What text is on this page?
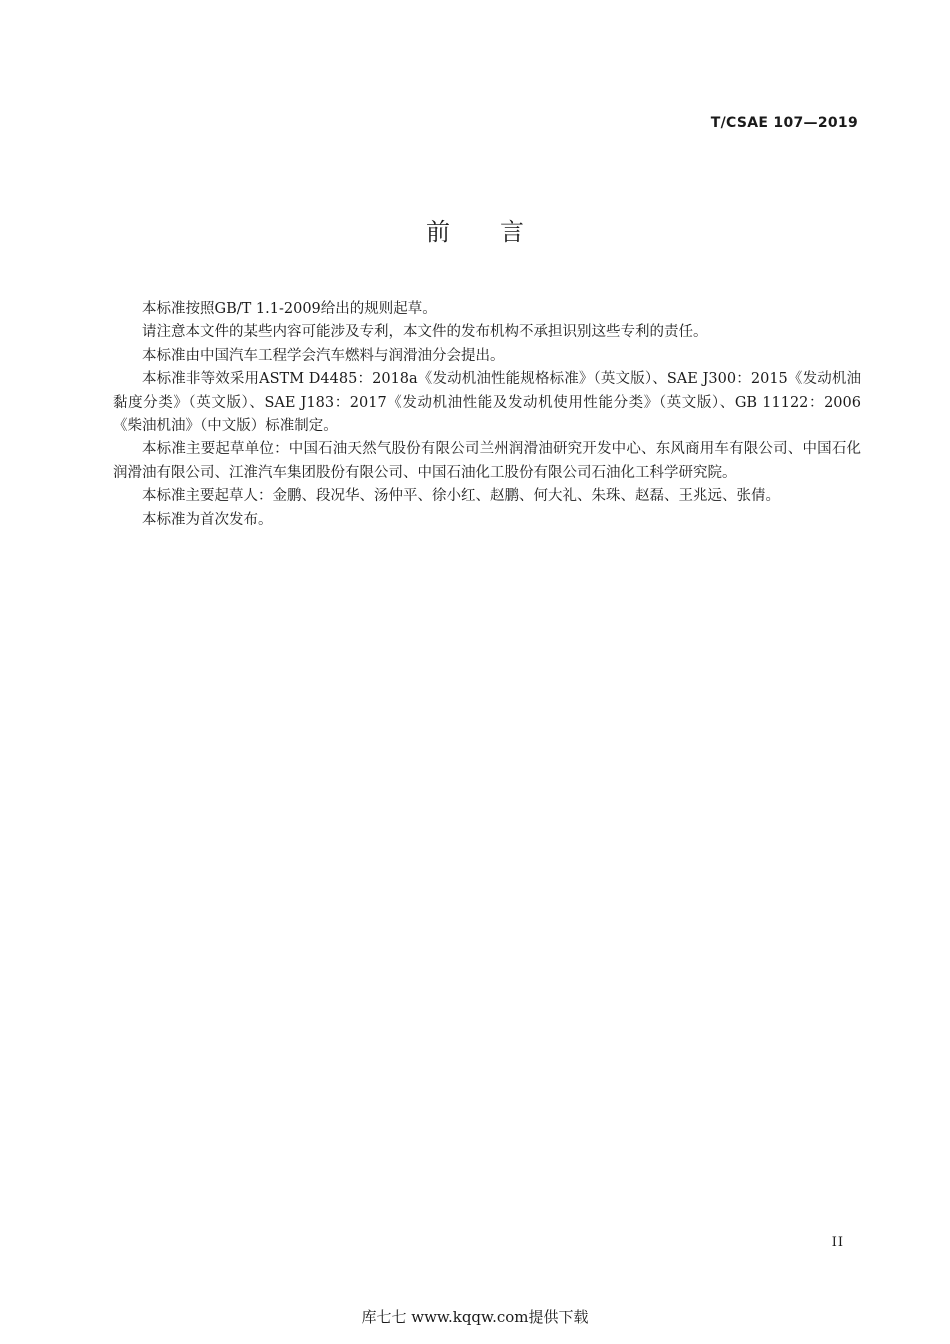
T/CSAE 107—2019
前言

本标准按照GB/T 1.1-2009给出的规则起草。

请注意本文件的某些内容可能涉及专利，本文件的发布机构不承担识别这些专利的责任。

本标准由中国汽车工程学会汽车燃料与润滑油分会提出。

本标准非等效采用ASTM D4485：2018a《发动机油性能规格标准》（英文版）、SAE J300：2015《发动机油黏度分类》（英文版）、SAE J183：2017《发动机油性能及发动机使用性能分类》（英文版）、GB 11122：2006《柴油机油》（中文版）标准制定。

本标准主要起草单位：中国石油天然气股份有限公司兰州润滑油研究开发中心、东风商用车有限公司、中国石化润滑油有限公司、江淮汽车集团股份有限公司、中国石油化工股份有限公司石油化工科学研究院。

本标准主要起草人：金鹏、段况华、汤仲平、徐小红、赵鹏、何大礼、朱珠、赵磊、王兆远、张倩。

本标准为首次发布。

II
库七七 www.kqqw.com提供下载
